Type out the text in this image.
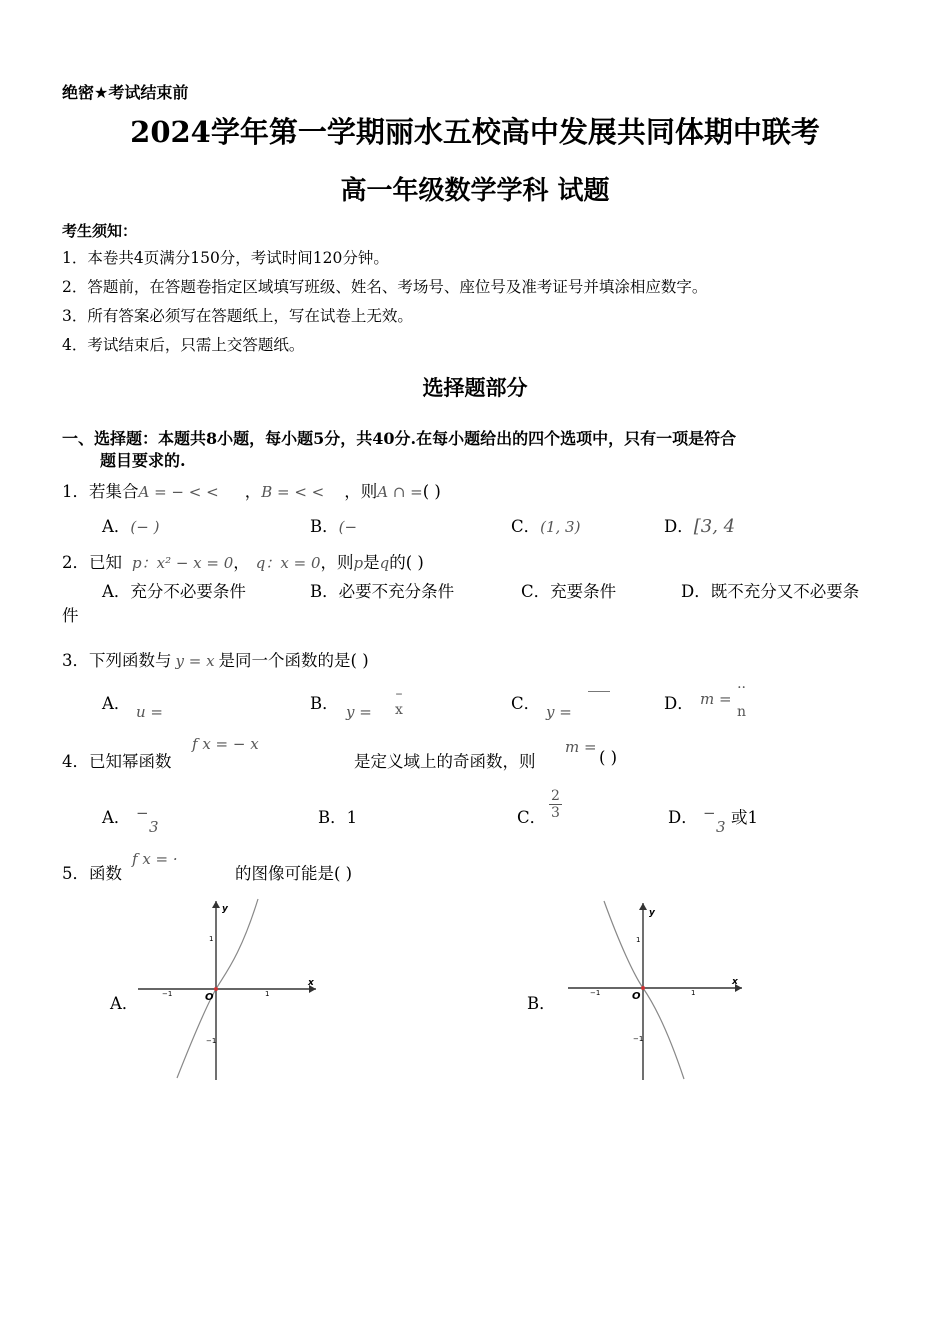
绝密★考试结束前
2024学年第一学期丽水五校高中发展共同体期中联考
高一年级数学学科 试题
考生须知：
1．本卷共4页满分150分，考试时间120分钟。
2．答题前，在答题卷指定区域填写班级、姓名、考场号、座位号及准考证号并填涂相应数字。
3．所有答案必须写在答题纸上，写在试卷上无效。
4．考试结束后，只需上交答题纸。
选择题部分
一、选择题：本题共8小题，每小题5分，共40分.在每小题给出的四个选项中，只有一项是符合
题目要求的.
1．若集合A = − < < ，B = < < ，则A ∩ =( )
A．(− )	B．(−	C．(1, 3)	D．[3, 4
2．已知 p：x² − x = 0， q：x = 0，则p是q的( )
A．充分不必要条件	B．必要不充分条件	C．充要条件	D．既不充分又不必要条
件
3．下列函数与 y = x 是同一个函数的是( )
A． u =	B． y =
–
x	C． y =	D． m =
··
n
4．已知幂函数
f x = − x
是定义域上的奇函数，则
m =
( )
A． −
3	B．1	C． $\frac{2}{3}$	D． −
3 或1
5．函数
f x = ·
的图像可能是( )
A．
y
x
O
1
−1
−1	1	B．
y
x
O
1
−1
−1	1
